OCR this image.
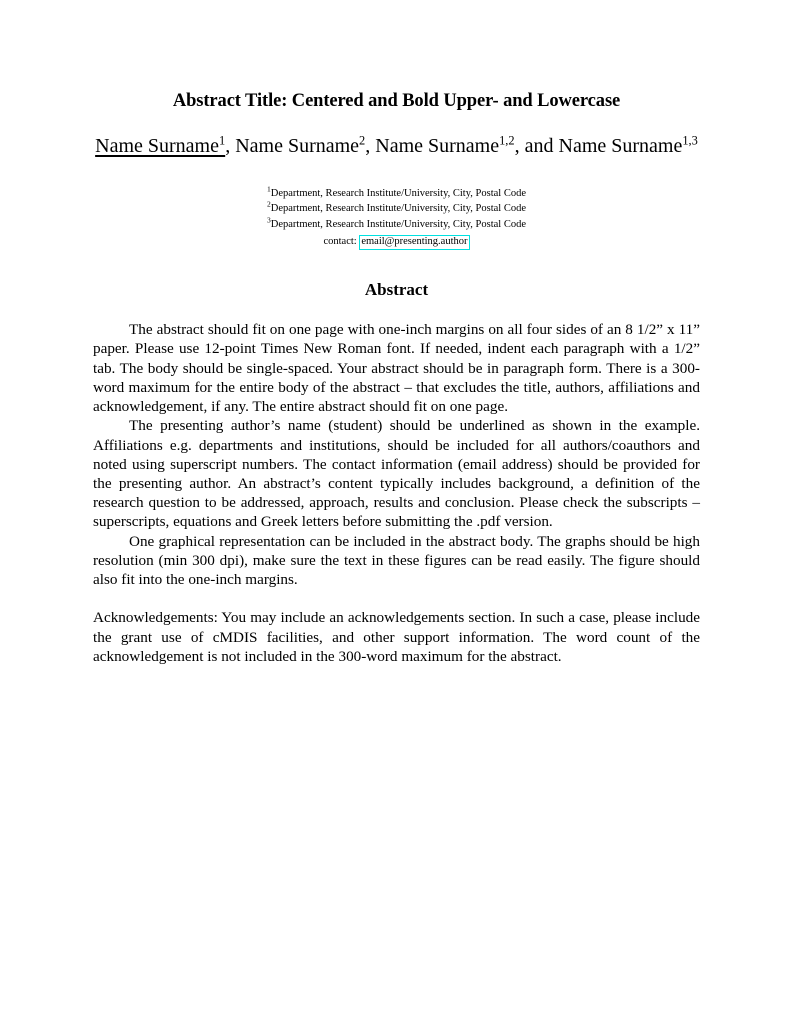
Abstract Title: Centered and Bold Upper- and Lowercase
Name Surname$^1$, Name Surname$^2$, Name Surname$^{1,2}$, and Name Surname$^{1,3}$
$^1$Department, Research Institute/University, City, Postal Code
$^2$Department, Research Institute/University, City, Postal Code
$^3$Department, Research Institute/University, City, Postal Code
contact: email@presenting.author
Abstract

The abstract should fit on one page with one-inch margins on all four sides of an 8 1/2” x 11” paper. Please use 12-point Times New Roman font. If needed, indent each paragraph with a 1/2” tab. The body should be single-spaced. Your abstract should be in paragraph form. There is a 300-word maximum for the entire body of the abstract – that excludes the title, authors, affiliations and acknowledgement, if any. The entire abstract should fit on one page.

The presenting author’s name (student) should be underlined as shown in the example. Affiliations e.g. departments and institutions, should be included for all authors/coauthors and noted using superscript numbers. The contact information (email address) should be provided for the presenting author. An abstract’s content typically includes background, a definition of the research question to be addressed, approach, results and conclusion. Please check the subscripts – superscripts, equations and Greek letters before submitting the .pdf version.

One graphical representation can be included in the abstract body. The graphs should be high resolution (min 300 dpi), make sure the text in these figures can be read easily. The figure should also fit into the one-inch margins.

Acknowledgements: You may include an acknowledgements section. In such a case, please include the grant use of cMDIS facilities, and other support information. The word count of the acknowledgement is not included in the 300-word maximum for the abstract.
